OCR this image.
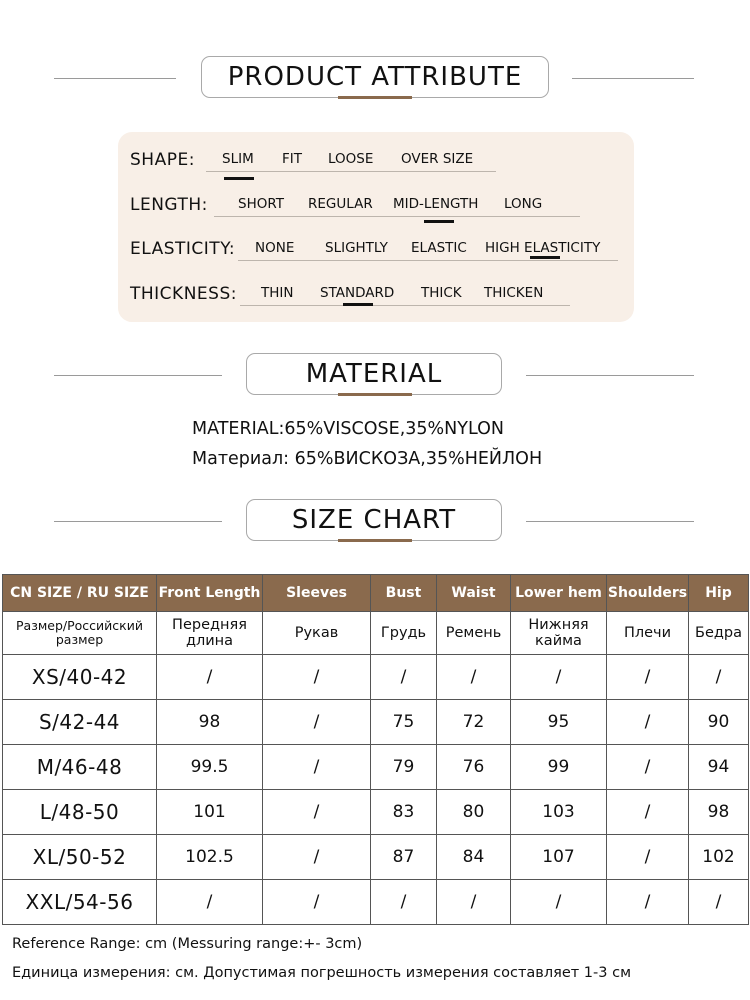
PRODUCT ATTRIBUTE
SHAPE: SLIM FIT LOOSE OVER SIZE
LENGTH: SHORT REGULAR MID-LENGTH LONG
ELASTICITY: NONE SLIGHTLY ELASTIC HIGH ELASTICITY
THICKNESS: THIN STANDARD THICK THICKEN
MATERIAL
MATERIAL:65%VISCOSE,35%NYLON
Материал: 65%ВИСКОЗА,35%НЕЙЛОН
SIZE CHART
CN SIZE / RU SIZE	Front Length	Sleeves	Bust	Waist	Lower hem	Shoulders	Hip
Размер/Российский размер	Передняя длина	Рукав	Грудь	Ремень	Нижняя кайма	Плечи	Бедра
XS/40-42	/	/	/	/	/	/	/
S/42-44	98	/	75	72	95	/	90
M/46-48	99.5	/	79	76	99	/	94
L/48-50	101	/	83	80	103	/	98
XL/50-52	102.5	/	87	84	107	/	102
XXL/54-56	/	/	/	/	/	/	/
Reference Range: cm (Messuring range:+- 3cm)
Единица измерения: см. Допустимая погрешность измерения составляет 1-3 см
